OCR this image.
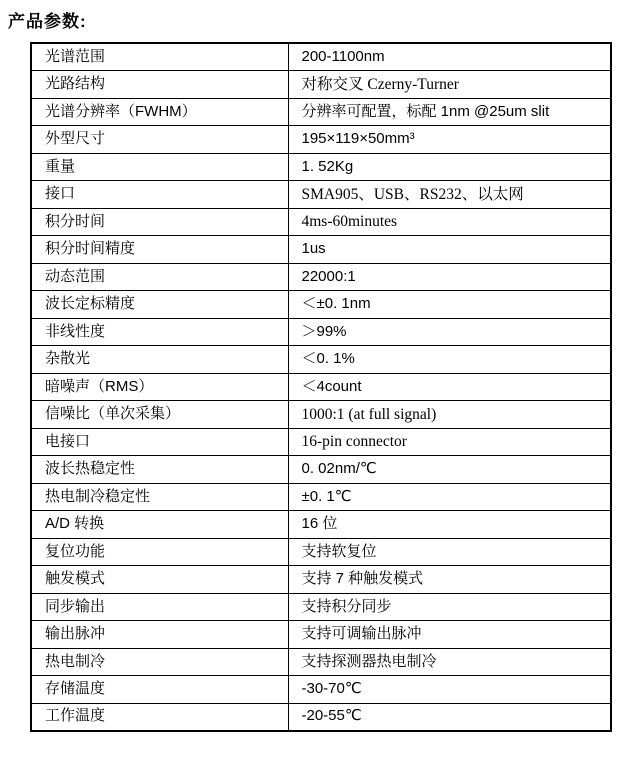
产品参数:
光谱范围	200-1100nm
光路结构	对称交叉 Czerny-Turner
光谱分辨率（FWHM）	分辨率可配置，标配 1nm @25um slit
外型尺寸	195×119×50mm³
重量	1. 52Kg
接口	SMA905、USB、RS232、以太网
积分时间	4ms-60minutes
积分时间精度	1us
动态范围	22000:1
波长定标精度	＜±0. 1nm
非线性度	＞99%
杂散光	＜0. 1%
暗噪声（RMS）	＜4count
信噪比（单次采集）	1000:1 (at full signal)
电接口	16-pin connector
波长热稳定性	0. 02nm/℃
热电制冷稳定性	±0. 1℃
A/D 转换	16 位
复位功能	支持软复位
触发模式	支持 7 种触发模式
同步输出	支持积分同步
输出脉冲	支持可调输出脉冲
热电制冷	支持探测器热电制冷
存储温度	-30-70℃
工作温度	-20-55℃
